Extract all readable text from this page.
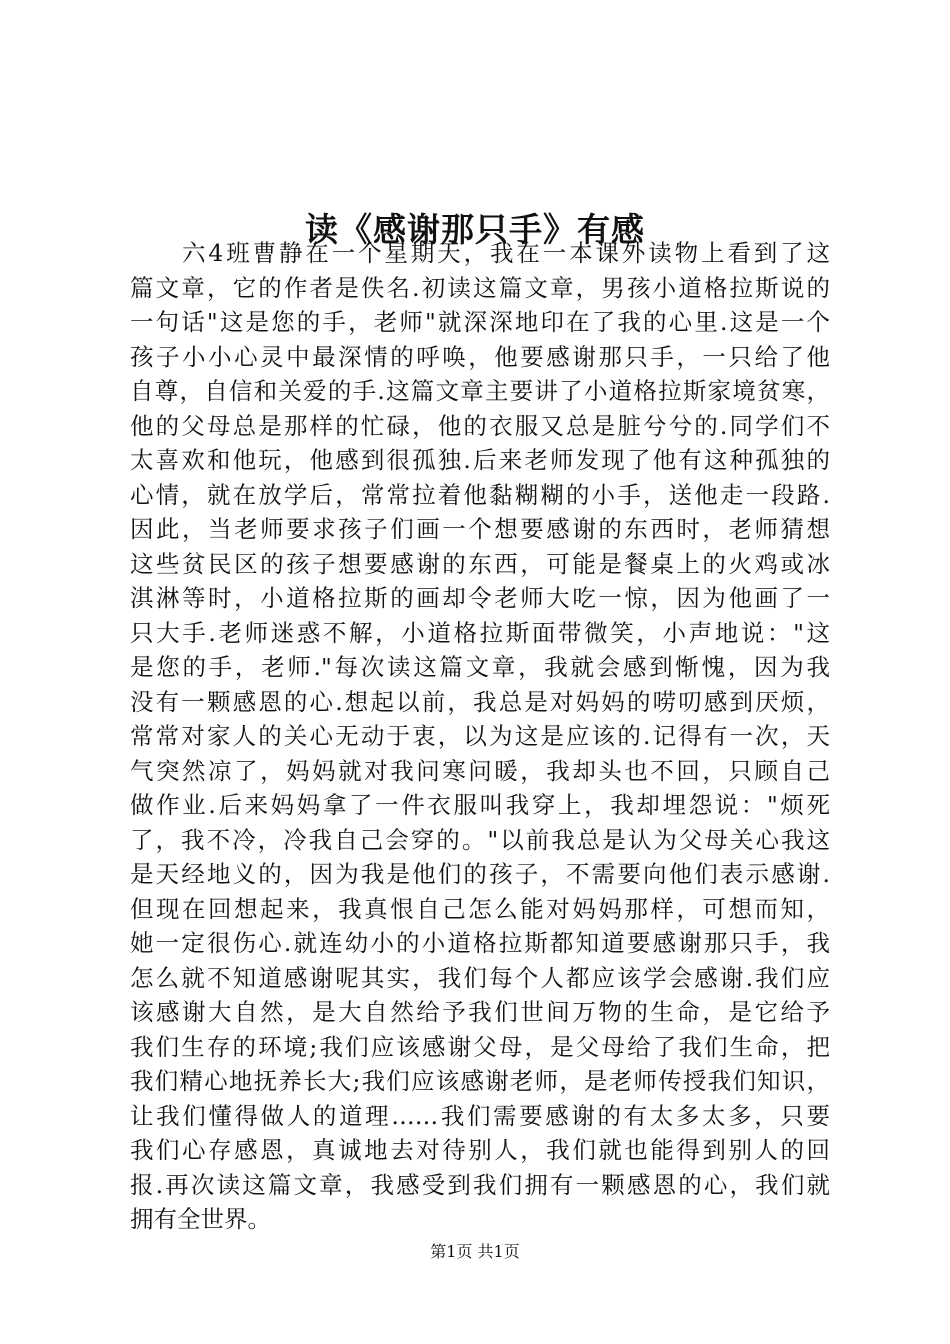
读《感谢那只手》有感
六4班曹静在一个星期天，我在一本课外读物上看到了这
篇文章，它的作者是佚名.初读这篇文章，男孩小道格拉斯说的
一句话"这是您的手，老师"就深深地印在了我的心里.这是一个
孩子小小心灵中最深情的呼唤，他要感谢那只手，一只给了他
自尊，自信和关爱的手.这篇文章主要讲了小道格拉斯家境贫寒，
他的父母总是那样的忙碌，他的衣服又总是脏兮兮的.同学们不
太喜欢和他玩，他感到很孤独.后来老师发现了他有这种孤独的
心情，就在放学后，常常拉着他黏糊糊的小手，送他走一段路.
因此，当老师要求孩子们画一个想要感谢的东西时，老师猜想
这些贫民区的孩子想要感谢的东西，可能是餐桌上的火鸡或冰
淇淋等时，小道格拉斯的画却令老师大吃一惊，因为他画了一
只大手.老师迷惑不解，小道格拉斯面带微笑，小声地说："这
是您的手，老师."每次读这篇文章，我就会感到惭愧，因为我
没有一颗感恩的心.想起以前，我总是对妈妈的唠叨感到厌烦，
常常对家人的关心无动于衷，以为这是应该的.记得有一次，天
气突然凉了，妈妈就对我问寒问暖，我却头也不回，只顾自己
做作业.后来妈妈拿了一件衣服叫我穿上，我却埋怨说："烦死
了，我不冷，冷我自己会穿的。"以前我总是认为父母关心我这
是天经地义的，因为我是他们的孩子，不需要向他们表示感谢.
但现在回想起来，我真恨自己怎么能对妈妈那样，可想而知，
她一定很伤心.就连幼小的小道格拉斯都知道要感谢那只手，我
怎么就不知道感谢呢其实，我们每个人都应该学会感谢.我们应
该感谢大自然，是大自然给予我们世间万物的生命，是它给予
我们生存的环境;我们应该感谢父母，是父母给了我们生命，把
我们精心地抚养长大;我们应该感谢老师，是老师传授我们知识，
让我们懂得做人的道理……我们需要感谢的有太多太多，只要
我们心存感恩，真诚地去对待别人，我们就也能得到别人的回
报.再次读这篇文章，我感受到我们拥有一颗感恩的心，我们就
拥有全世界。
第1页 共1页
